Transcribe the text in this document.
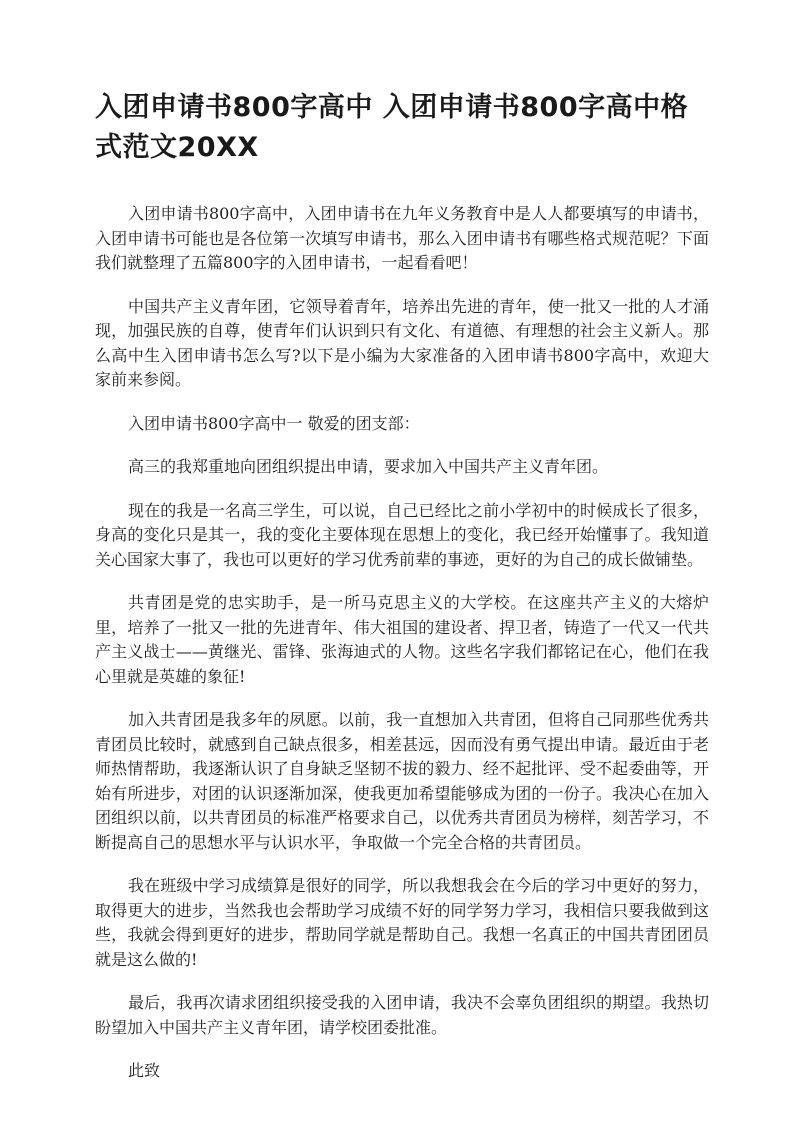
入团申请书800字高中 入团申请书800字高中格式范文20XX

入团申请书800字高中，入团申请书在九年义务教育中是人人都要填写的申请书，入团申请书可能也是各位第一次填写申请书，那么入团申请书有哪些格式规范呢？下面我们就整理了五篇800字的入团申请书，一起看看吧！

中国共产主义青年团，它领导着青年，培养出先进的青年，使一批又一批的人才涌现，加强民族的自尊，使青年们认识到只有文化、有道德、有理想的社会主义新人。那么高中生入团申请书怎么写?以下是小编为大家准备的入团申请书800字高中，欢迎大家前来参阅。

入团申请书800字高中一 敬爱的团支部：

高三的我郑重地向团组织提出申请，要求加入中国共产主义青年团。

现在的我是一名高三学生，可以说，自己已经比之前小学初中的时候成长了很多，身高的变化只是其一，我的变化主要体现在思想上的变化，我已经开始懂事了。我知道关心国家大事了，我也可以更好的学习优秀前辈的事迹，更好的为自己的成长做铺垫。

共青团是党的忠实助手，是一所马克思主义的大学校。在这座共产主义的大熔炉里，培养了一批又一批的先进青年、伟大祖国的建设者、捍卫者，铸造了一代又一代共产主义战士——黄继光、雷锋、张海迪式的人物。这些名字我们都铭记在心，他们在我心里就是英雄的象征!

加入共青团是我多年的夙愿。以前，我一直想加入共青团，但将自己同那些优秀共青团员比较时，就感到自己缺点很多，相差甚远，因而没有勇气提出申请。最近由于老师热情帮助，我逐渐认识了自身缺乏坚韧不拔的毅力、经不起批评、受不起委曲等，开始有所进步，对团的认识逐渐加深，使我更加希望能够成为团的一份子。我决心在加入团组织以前，以共青团员的标准严格要求自己，以优秀共青团员为榜样，刻苦学习，不断提高自己的思想水平与认识水平，争取做一个完全合格的共青团员。

我在班级中学习成绩算是很好的同学，所以我想我会在今后的学习中更好的努力，取得更大的进步，当然我也会帮助学习成绩不好的同学努力学习，我相信只要我做到这些，我就会得到更好的进步，帮助同学就是帮助自己。我想一名真正的中国共青团团员就是这么做的!

最后，我再次请求团组织接受我的入团申请，我决不会辜负团组织的期望。我热切盼望加入中国共产主义青年团，请学校团委批准。

此致
